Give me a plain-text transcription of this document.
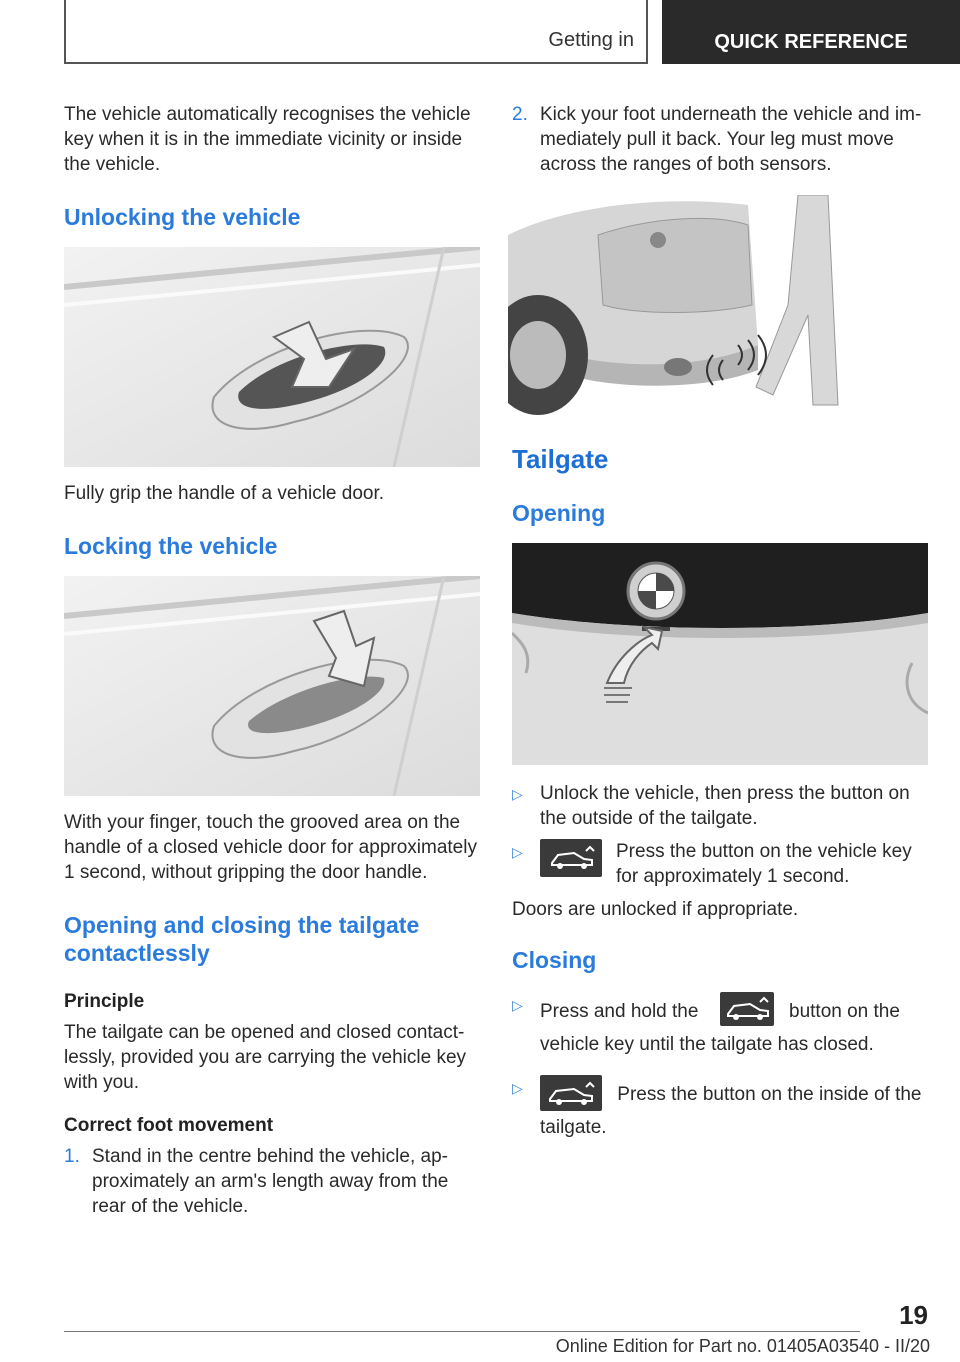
Getting in	QUICK REFERENCE

The vehicle automatically recognises the vehicle key when it is in the immediate vicinity or inside the vehicle.

Unlocking the vehicle

Fully grip the handle of a vehicle door.

Locking the vehicle

With your finger, touch the grooved area on the handle of a closed vehicle door for approximately 1 second, without gripping the door handle.

Opening and closing the tailgate contactlessly
Principle

The tailgate can be opened and closed contact-lessly, provided you are carrying the vehicle key with you.

Correct foot movement
1. Stand in the centre behind the vehicle, ap-proximately an arm's length away from the rear of the vehicle.
2. Kick your foot underneath the vehicle and im-mediately pull it back. Your leg must move across the ranges of both sensors.
Tailgate
Opening
▷ Unlock the vehicle, then press the button on the outside of the tailgate.
▷	Press the button on the vehicle key for approximately 1 second.

Doors are unlocked if appropriate.

Closing
▷ Press and hold the	button on the vehicle key until the tailgate has closed.
▷	Press the button on the inside of the tailgate.
19
Online Edition for Part no. 01405A03540 - II/20
